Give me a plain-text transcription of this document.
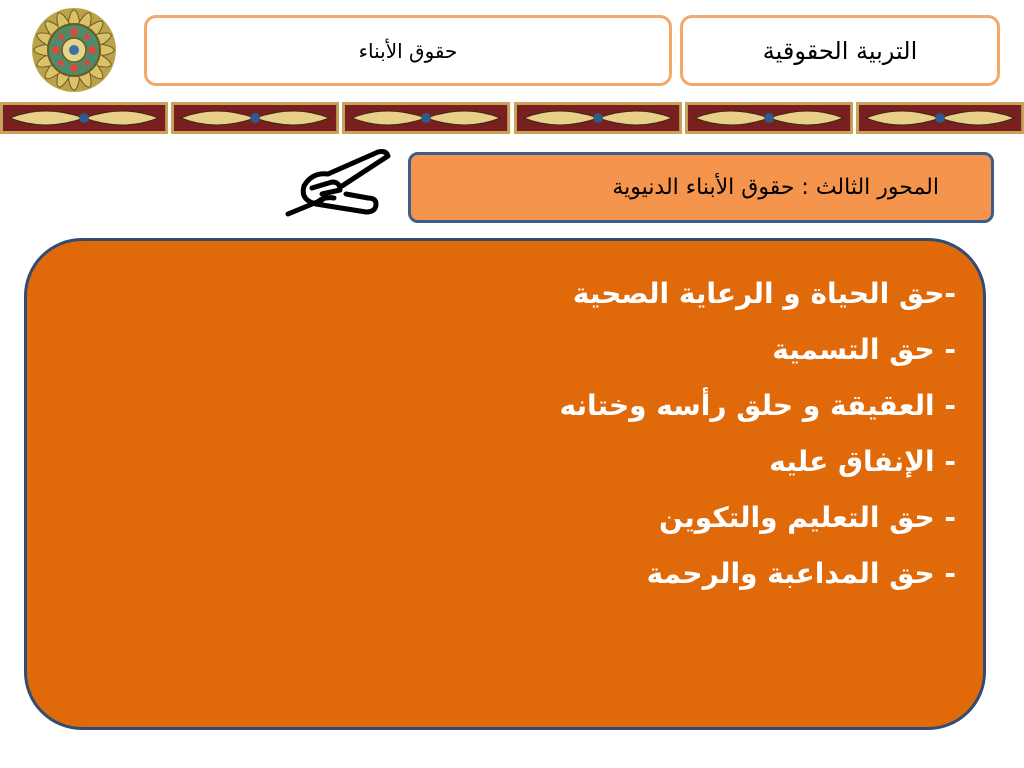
التربية الحقوقية
حقوق الأبناء
المحور الثالث : حقوق الأبناء الدنيوية
-حق الحياة و الرعاية الصحية
- حق التسمية
- العقيقة و حلق رأسه وختانه
- الإنفاق عليه
- حق التعليم والتكوين
- حق المداعبة والرحمة
